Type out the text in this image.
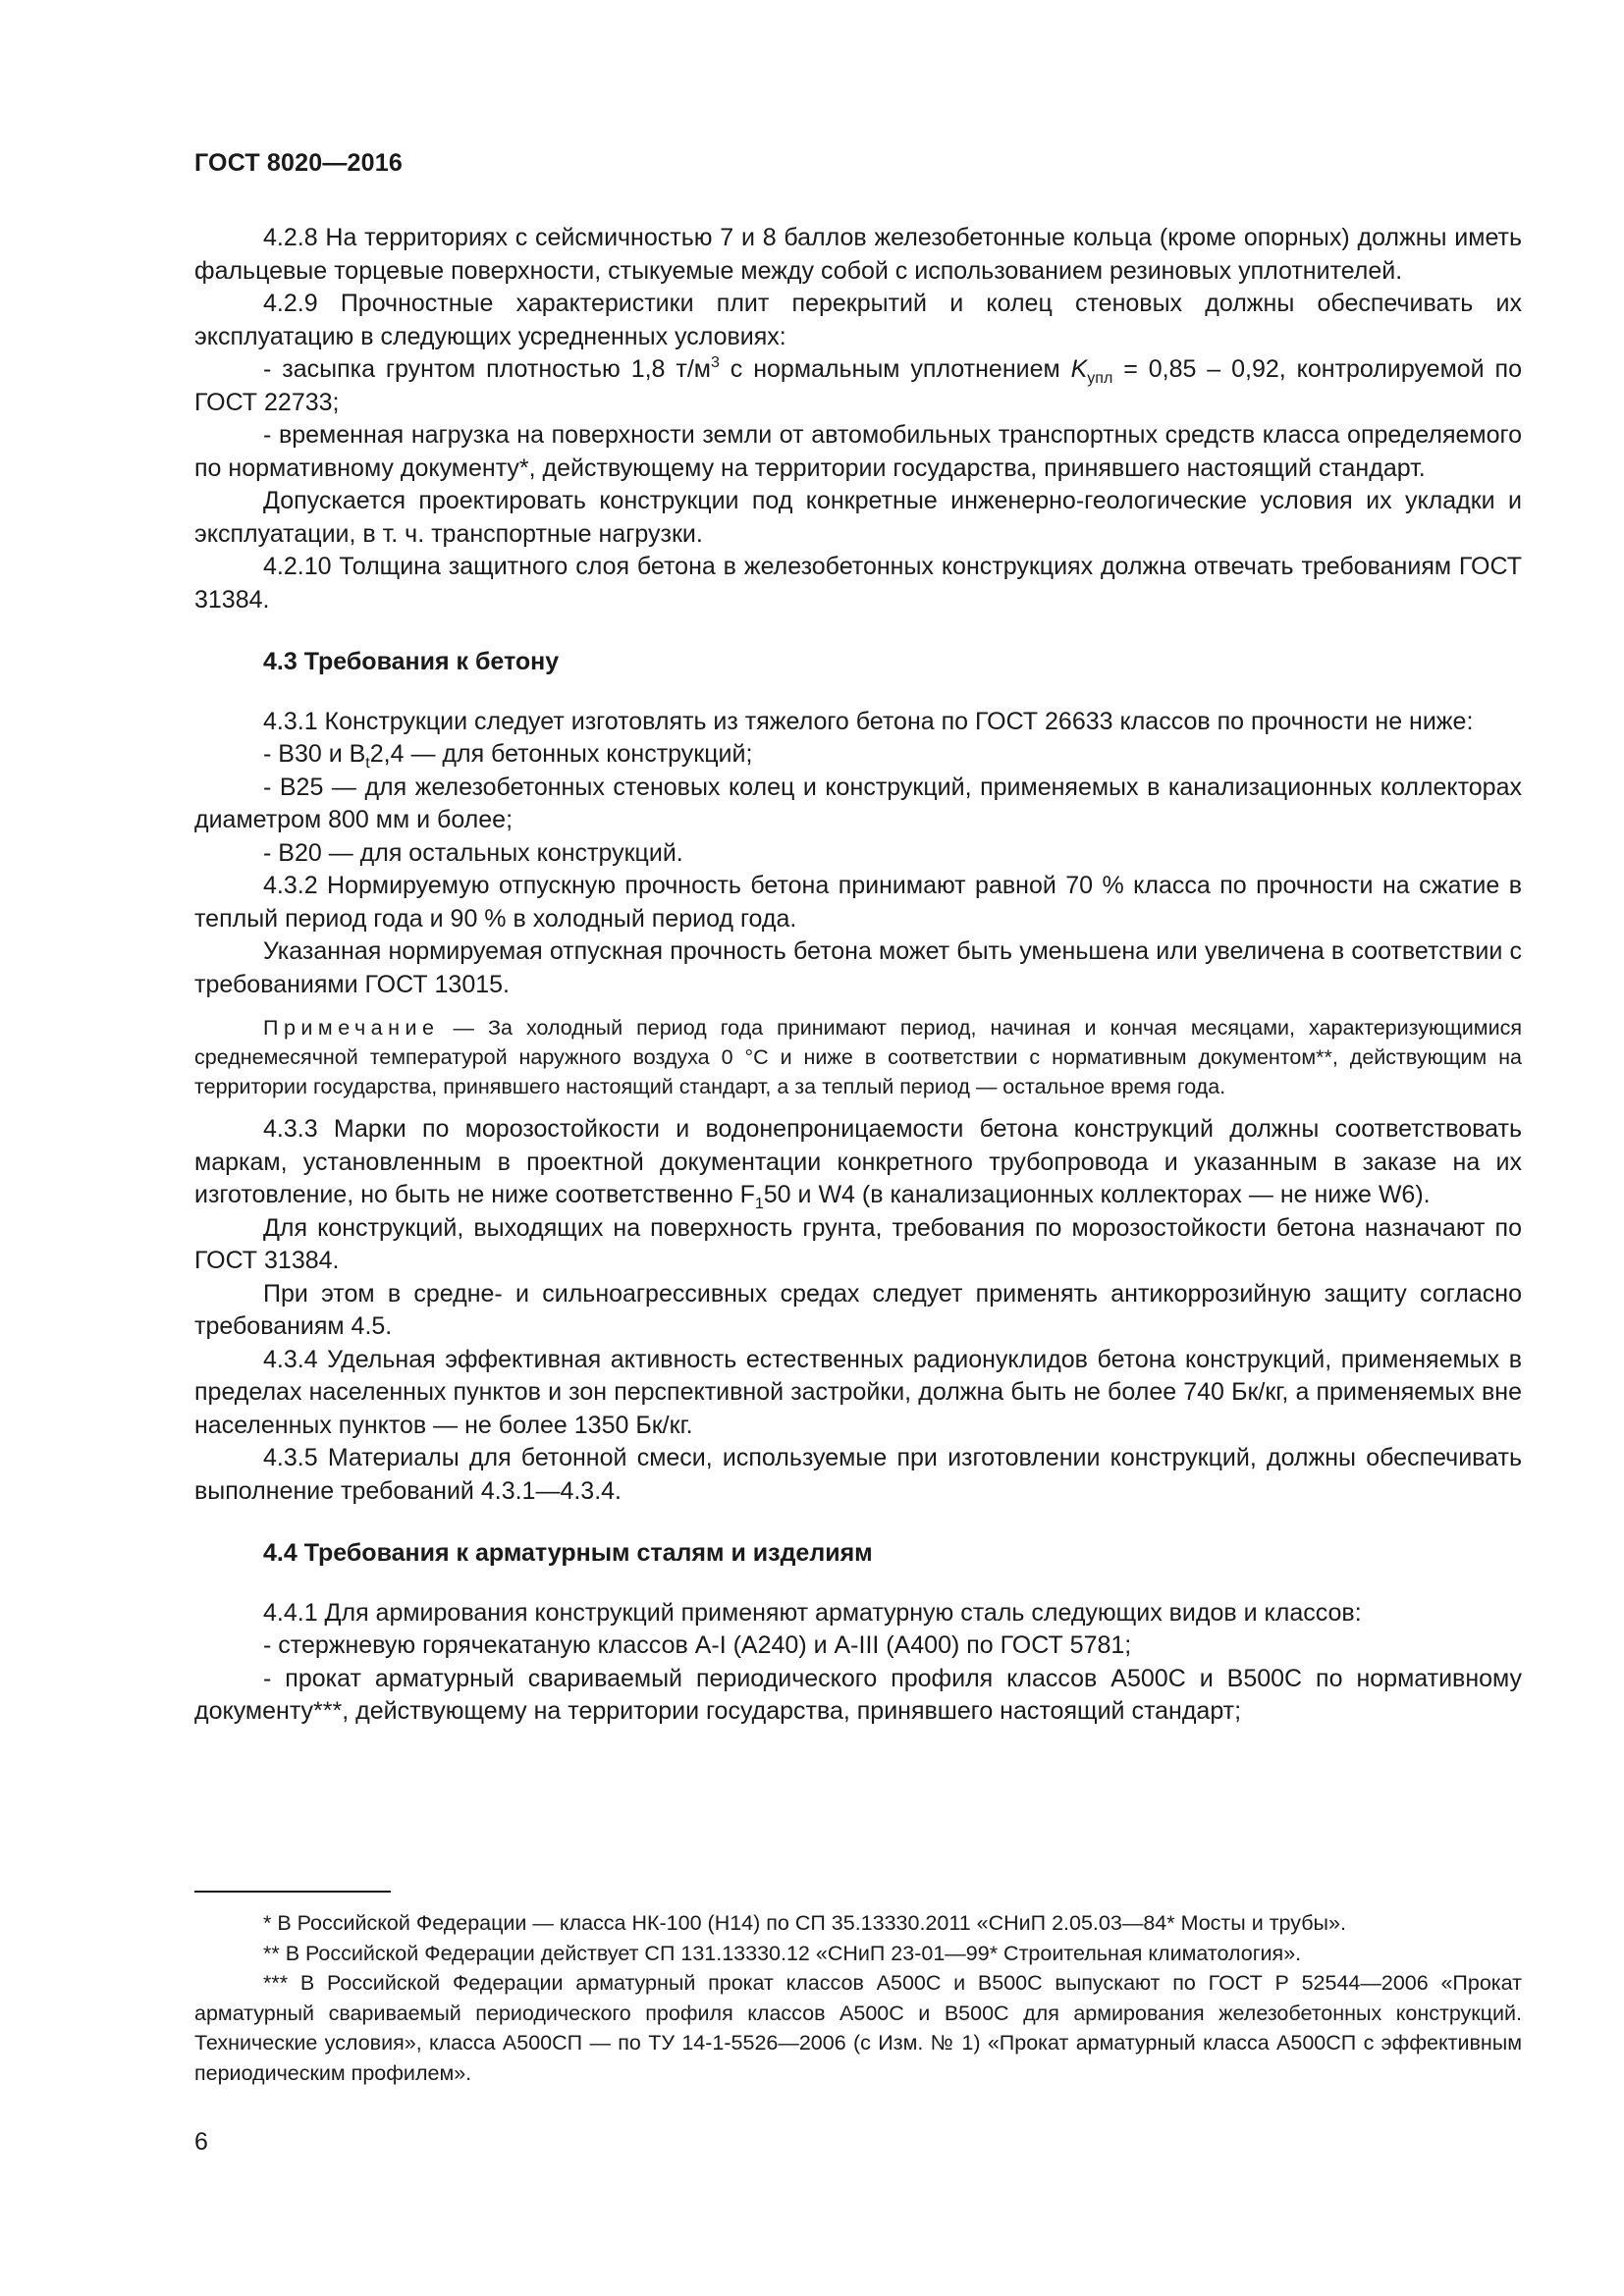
ГОСТ 8020—2016

4.2.8 На территориях с сейсмичностью 7 и 8 баллов железобетонные кольца (кроме опорных) должны иметь фальцевые торцевые поверхности, стыкуемые между собой с использованием резиновых уплотнителей.

4.2.9 Прочностные характеристики плит перекрытий и колец стеновых должны обеспечивать их эксплуатацию в следующих усредненных условиях:

- засыпка грунтом плотностью 1,8 $т/м^3$ с нормальным уплотнением $K_{упл} = 0,85 - 0,92$, контролируемой по ГОСТ 22733;

- временная нагрузка на поверхности земли от автомобильных транспортных средств класса определяемого по нормативному документу*, действующему на территории государства, принявшего настоящий стандарт.

Допускается проектировать конструкции под конкретные инженерно-геологические условия их укладки и эксплуатации, в т. ч. транспортные нагрузки.

4.2.10 Толщина защитного слоя бетона в железобетонных конструкциях должна отвечать требованиям ГОСТ 31384.

4.3 Требования к бетону

4.3.1 Конструкции следует изготовлять из тяжелого бетона по ГОСТ 26633 классов по прочности не ниже:

- В30 и $В_t2,4$ — для бетонных конструкций;

- В25 — для железобетонных стеновых колец и конструкций, применяемых в канализационных коллекторах диаметром 800 мм и более;

- В20 — для остальных конструкций.

4.3.2 Нормируемую отпускную прочность бетона принимают равной 70 % класса по прочности на сжатие в теплый период года и 90 % в холодный период года.

Указанная нормируемая отпускная прочность бетона может быть уменьшена или увеличена в соответствии с требованиями ГОСТ 13015.

Примечание — За холодный период года принимают период, начиная и кончая месяцами, характеризующимися среднемесячной температурой наружного воздуха 0 °С и ниже в соответствии с нормативным документом**, действующим на территории государства, принявшего настоящий стандарт, а за теплый период — остальное время года.

4.3.3 Марки по морозостойкости и водонепроницаемости бетона конструкций должны соответствовать маркам, установленным в проектной документации конкретного трубопровода и указанным в заказе на их изготовление, но быть не ниже соответственно $F_150$ и W4 (в канализационных коллекторах — не ниже W6).

Для конструкций, выходящих на поверхность грунта, требования по морозостойкости бетона назначают по ГОСТ 31384.

При этом в средне- и сильноагрессивных средах следует применять антикоррозийную защиту согласно требованиям 4.5.

4.3.4 Удельная эффективная активность естественных радионуклидов бетона конструкций, применяемых в пределах населенных пунктов и зон перспективной застройки, должна быть не более 740 Бк/кг, а применяемых вне населенных пунктов — не более 1350 Бк/кг.

4.3.5 Материалы для бетонной смеси, используемые при изготовлении конструкций, должны обеспечивать выполнение требований 4.3.1—4.3.4.

4.4 Требования к арматурным сталям и изделиям

4.4.1 Для армирования конструкций применяют арматурную сталь следующих видов и классов:

- стержневую горячекатаную классов А-I (А240) и А-III (А400) по ГОСТ 5781;

- прокат арматурный свариваемый периодического профиля классов А500С и В500С по нормативному документу***, действующему на территории государства, принявшего настоящий стандарт;

* В Российской Федерации — класса НК-100 (Н14) по СП 35.13330.2011 «СНиП 2.05.03—84* Мосты и трубы».

** В Российской Федерации действует СП 131.13330.12 «СНиП 23-01—99* Строительная климатология».

*** В Российской Федерации арматурный прокат классов А500С и В500С выпускают по ГОСТ Р 52544—2006 «Прокат арматурный свариваемый периодического профиля классов А500С и В500С для армирования железобетонных конструкций. Технические условия», класса А500СП — по ТУ 14-1-5526—2006 (с Изм. № 1) «Прокат арматурный класса А500СП с эффективным периодическим профилем».

6
